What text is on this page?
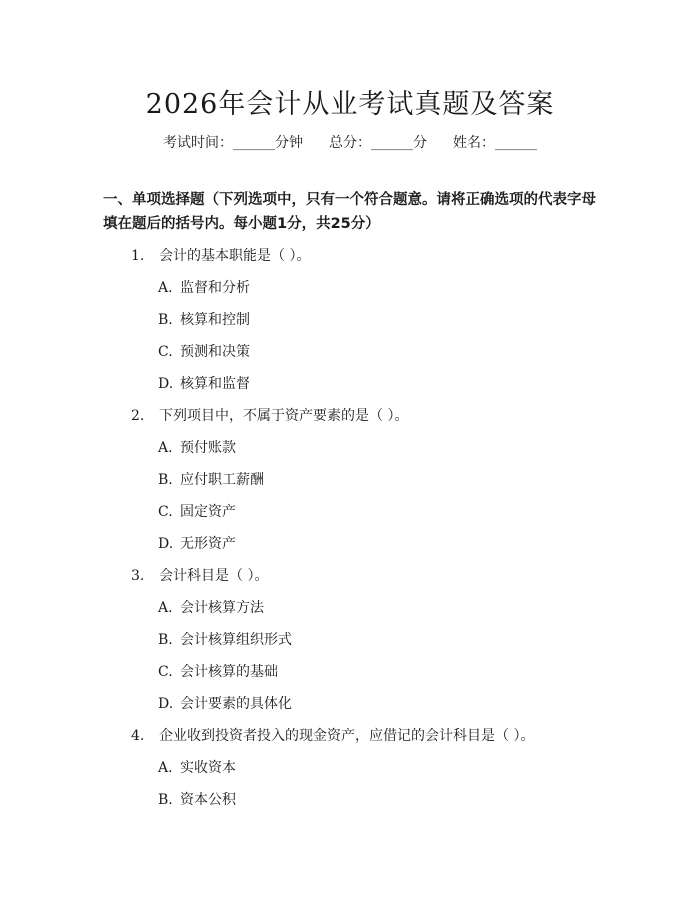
2026年会计从业考试真题及答案
考试时间：______分钟 总分：______分 姓名：______
一、单项选择题（下列选项中，只有一个符合题意。请将正确选项的代表字母填在题后的括号内。每小题1分，共25分）
1. 会计的基本职能是（ ）。
A. 监督和分析
B. 核算和控制
C. 预测和决策
D. 核算和监督
2. 下列项目中，不属于资产要素的是（ ）。
A. 预付账款
B. 应付职工薪酬
C. 固定资产
D. 无形资产
3. 会计科目是（ ）。
A. 会计核算方法
B. 会计核算组织形式
C. 会计核算的基础
D. 会计要素的具体化
4. 企业收到投资者投入的现金资产，应借记的会计科目是（ ）。
A. 实收资本
B. 资本公积
